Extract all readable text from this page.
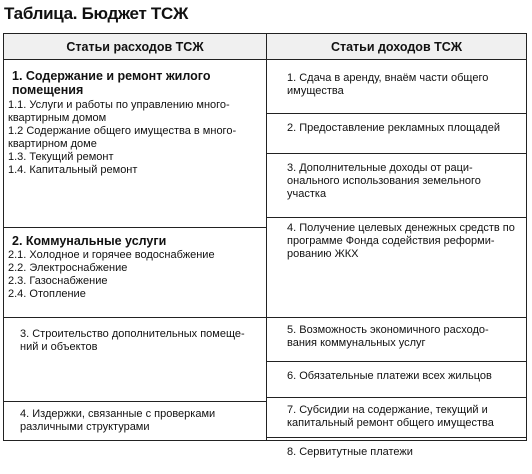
Таблица. Бюджет ТСЖ
Статьи расходов ТСЖ
1. Содержание и ремонт жилого помещения
1.1. Услуги и работы по управлению много-квартирным домом
1.2 Содержание общего имущества в много-квартирном доме
1.3. Текущий ремонт
1.4. Капитальный ремонт
2. Коммунальные услуги
2.1. Холодное и горячее водоснабжение
2.2. Электроснабжение
2.3. Газоснабжение
2.4. Отопление
3. Строительство дополнительных помеще-ний и объектов
4. Издержки, связанные с проверками различными структурами
Статьи доходов ТСЖ
1. Сдача в аренду, внаём части общего имущества
2. Предоставление рекламных площадей
3. Дополнительные доходы от раци-онального использования земельного участка
4. Получение целевых денежных средств по программе Фонда содействия реформи-рованию ЖКХ
5. Возможность экономичного расходо-вания коммунальных услуг
6. Обязательные платежи всех жильцов
7. Субсидии на содержание, текущий и капитальный ремонт общего имущества
8. Сервитутные платежи
